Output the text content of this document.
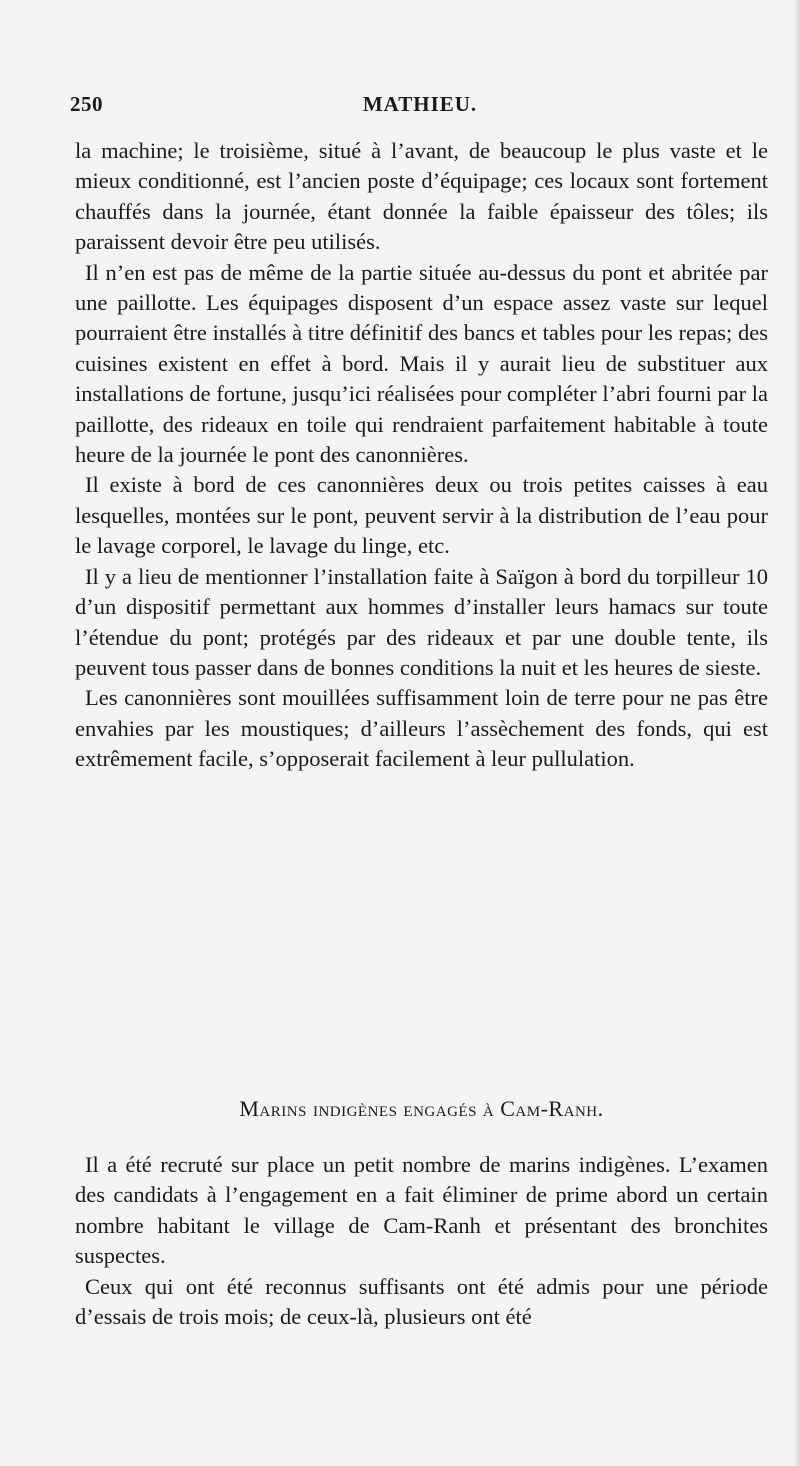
250	MATHIEU.

la machine; le troisième, situé à l’avant, de beaucoup le plus vaste et le mieux conditionné, est l’ancien poste d’équipage; ces locaux sont fortement chauffés dans la journée, étant donnée la faible épaisseur des tôles; ils paraissent devoir être peu utilisés.

Il n’en est pas de même de la partie située au-dessus du pont et abritée par une paillotte. Les équipages disposent d’un espace assez vaste sur lequel pourraient être installés à titre définitif des bancs et tables pour les repas; des cuisines existent en effet à bord. Mais il y aurait lieu de substituer aux installations de fortune, jusqu’ici réalisées pour compléter l’abri fourni par la paillotte, des rideaux en toile qui rendraient parfaitement habitable à toute heure de la journée le pont des canonnières.

Il existe à bord de ces canonnières deux ou trois petites caisses à eau lesquelles, montées sur le pont, peuvent servir à la distribution de l’eau pour le lavage corporel, le lavage du linge, etc.

Il y a lieu de mentionner l’installation faite à Saïgon à bord du torpilleur 10 d’un dispositif permettant aux hommes d’installer leurs hamacs sur toute l’étendue du pont; protégés par des rideaux et par une double tente, ils peuvent tous passer dans de bonnes conditions la nuit et les heures de sieste.

Les canonnières sont mouillées suffisamment loin de terre pour ne pas être envahies par les moustiques; d’ailleurs l’assèchement des fonds, qui est extrêmement facile, s’opposerait facilement à leur pullulation.

Marins indigènes engagés à Cam-Ranh.

Il a été recruté sur place un petit nombre de marins indigènes. L’examen des candidats à l’engagement en a fait éliminer de prime abord un certain nombre habitant le village de Cam-Ranh et présentant des bronchites suspectes.

Ceux qui ont été reconnus suffisants ont été admis pour une période d’essais de trois mois; de ceux-là, plusieurs ont été
